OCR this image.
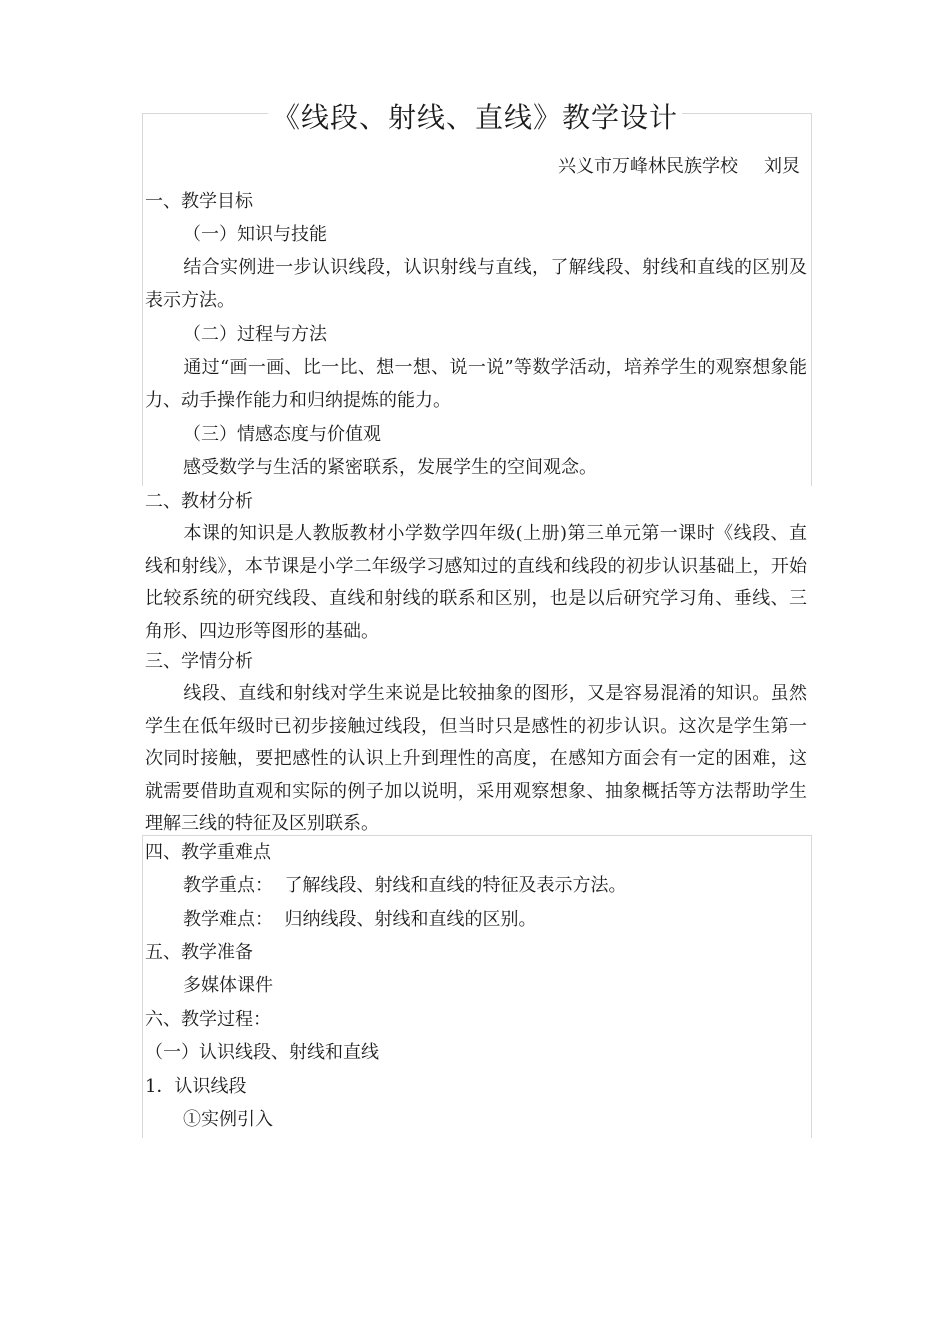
《线段、射线、直线》教学设计
兴义市万峰林民族学校 刘炅
一、教学目标
（一）知识与技能
结合实例进一步认识线段，认识射线与直线，了解线段、射线和直线的区别及表示方法。
（二）过程与方法
通过“画一画、比一比、想一想、说一说”等数学活动，培养学生的观察想象能力、动手操作能力和归纳提炼的能力。
（三）情感态度与价值观
感受数学与生活的紧密联系，发展学生的空间观念。
二、教材分析
本课的知识是人教版教材小学数学四年级(上册)第三单元第一课时《线段、直线和射线》，本节课是小学二年级学习感知过的直线和线段的初步认识基础上，开始比较系统的研究线段、直线和射线的联系和区别，也是以后研究学习角、垂线、三角形、四边形等图形的基础。
三、学情分析
线段、直线和射线对学生来说是比较抽象的图形，又是容易混淆的知识。虽然学生在低年级时已初步接触过线段，但当时只是感性的初步认识。这次是学生第一次同时接触，要把感性的认识上升到理性的高度，在感知方面会有一定的困难，这就需要借助直观和实际的例子加以说明，采用观察想象、抽象概括等方法帮助学生理解三线的特征及区别联系。
四、教学重难点
教学重点： 了解线段、射线和直线的特征及表示方法。
教学难点： 归纳线段、射线和直线的区别。
五、教学准备
多媒体课件
六、教学过程：
（一）认识线段、射线和直线
1．认识线段
①实例引入
